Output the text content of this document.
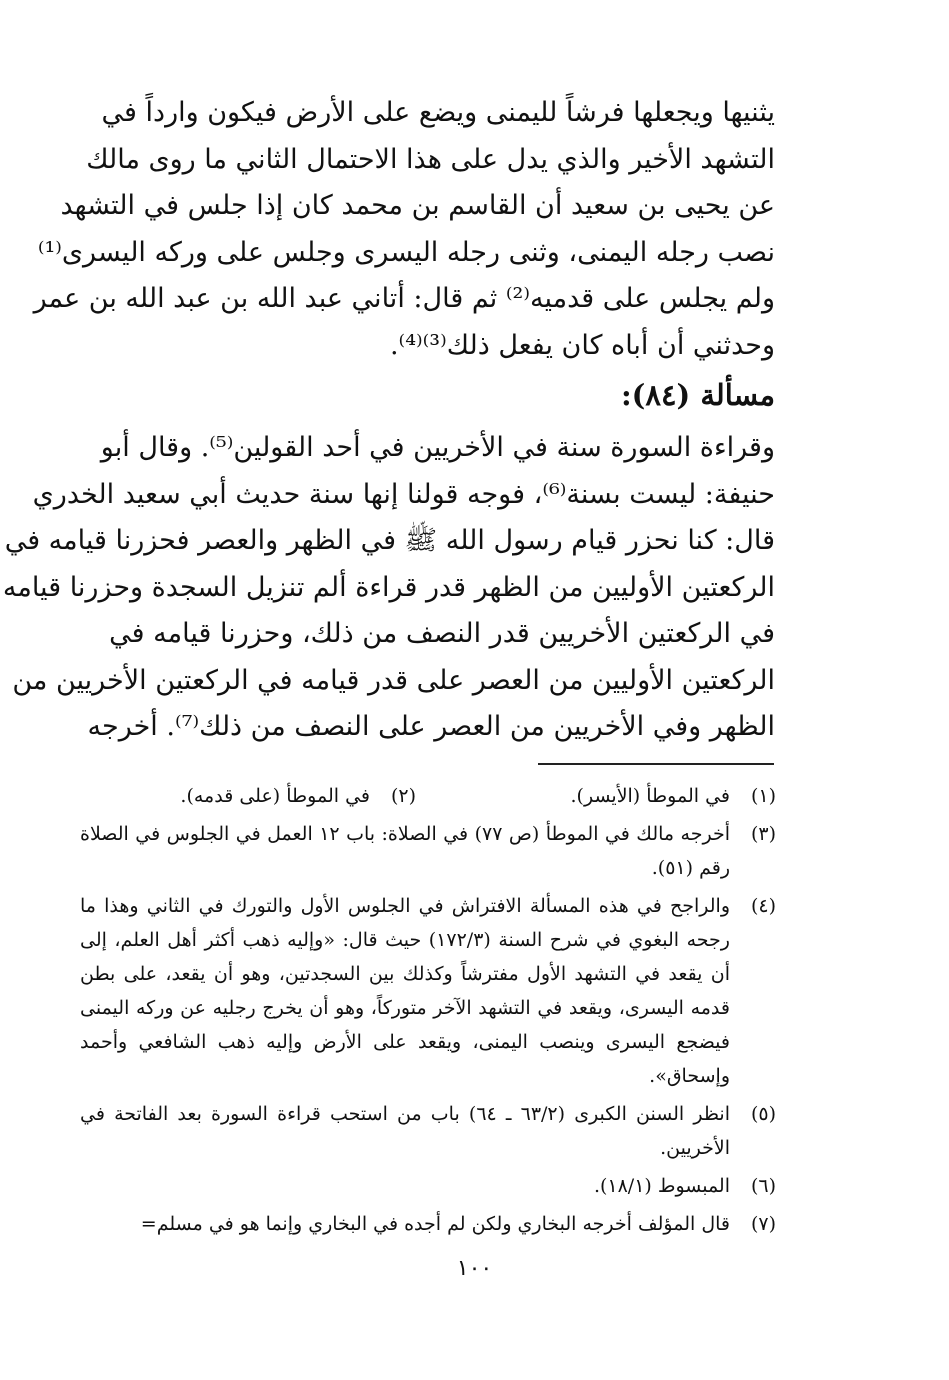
يثنيها ويجعلها فرشاً لليمنى ويضع على الأرض فيكون وارداً في
التشهد الأخير والذي يدل على هذا الاحتمال الثاني ما روى مالك
عن يحيى بن سعيد أن القاسم بن محمد كان إذا جلس في التشهد
نصب رجله اليمنى، وثنى رجله اليسرى وجلس على وركه اليسرى⁽¹⁾
ولم يجلس على قدميه⁽²⁾ ثم قال: أتاني عبد الله بن عبد الله بن عمر
وحدثني أن أباه كان يفعل ذلك⁽³⁾⁽⁴⁾.
مسألة (٨٤):
وقراءة السورة سنة في الأخريين في أحد القولين⁽⁵⁾. وقال أبو
حنيفة: ليست بسنة⁽⁶⁾، فوجه قولنا إنها سنة حديث أبي سعيد الخدري
قال: كنا نحزر قيام رسول الله ﷺ في الظهر والعصر فحزرنا قيامه في
الركعتين الأوليين من الظهر قدر قراءة ألم تنزيل السجدة وحزرنا قيامه
في الركعتين الأخريين قدر النصف من ذلك، وحزرنا قيامه في
الركعتين الأوليين من العصر على قدر قيامه في الركعتين الأخريين من
الظهر وفي الأخريين من العصر على النصف من ذلك⁽⁷⁾. أخرجه
(١)في الموطأ (الأيسر).
(٢)في الموطأ (على قدمه).
(٣)
أخرجه مالك في الموطأ (ص ٧٧) في الصلاة: باب ١٢ العمل في الجلوس في الصلاة رقم (٥١).
(٤)
والراجح في هذه المسألة الافتراش في الجلوس الأول والتورك في الثاني وهذا ما رجحه البغوي في شرح السنة (١٧٢/٣) حيث قال: «وإليه ذهب أكثر أهل العلم، إلى أن يقعد في التشهد الأول مفترشاً وكذلك بين السجدتين، وهو أن يقعد، على بطن قدمه اليسرى، ويقعد في التشهد الآخر متوركاً، وهو أن يخرج رجليه عن وركه اليمنى فيضجع اليسرى وينصب اليمنى، ويقعد على الأرض وإليه ذهب الشافعي وأحمد وإسحاق».
(٥)
انظر السنن الكبرى (٦٣/٢ ـ ٦٤) باب من استحب قراءة السورة بعد الفاتحة في الأخريين.
(٦)
المبسوط (١٨/١).
(٧)
قال المؤلف أخرجه البخاري ولكن لم أجده في البخاري وإنما هو في مسلم=
١٠٠
